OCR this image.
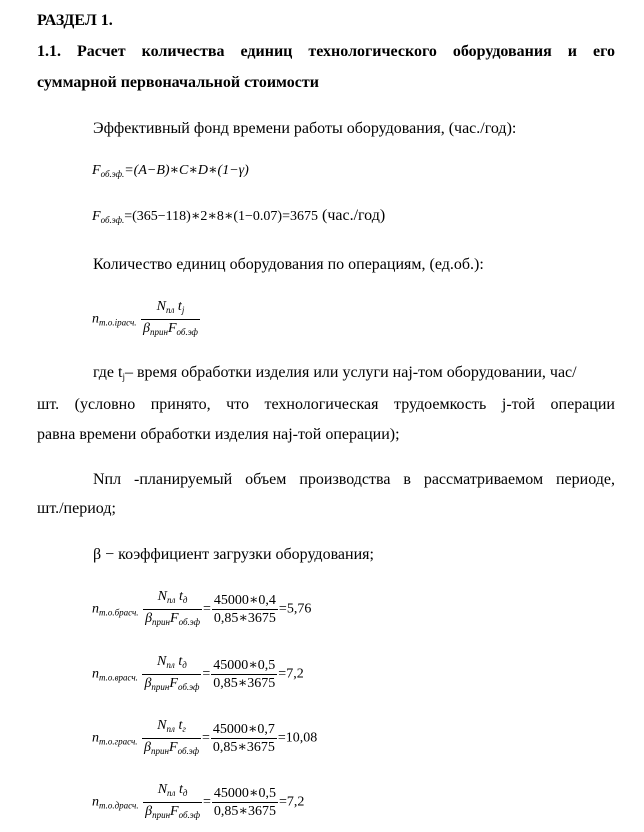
РАЗДЕЛ 1.
1.1. Расчет количества единиц технологического оборудования и его
суммарной первоначальной стоимости
Эффективный фонд времени работы оборудования, (час./год):
$F_{об.эф.}=(A-B)∗C∗D∗(1-\gamma)$
$F_{об.эф.}=(365-118)∗2∗8∗(1-0.07)=3675$ (час./год)
Количество единиц оборудования по операциям, (ед.об.):
$n_{т.о.iрасч.} \frac{N_{пл} t_j}{\beta_{прин}F_{об.эф}}$
где $t_j-$ время обработки изделия или услуги наj-том оборудовании, час/
шт. (условно принято, что технологическая трудоемкость j-той операции
равна времени обработки изделия наj-той операции);
Nпл -планируемый объем производства в рассматриваемом периоде,
шт./период;
β − коэффициент загрузки оборудования;
$n_{т.о.брасч.} \frac{N_{пл} t_д}{\beta_{прин}F_{об.эф}} = \frac{45000∗0,4}{0,85∗3675} =5,76$
$n_{т.о.врасч.} \frac{N_{пл} t_д}{\beta_{прин}F_{об.эф}} = \frac{45000∗0,5}{0,85∗3675} =7,2$
$n_{т.о.грасч.} \frac{N_{пл} t_г}{\beta_{прин}F_{об.эф}} = \frac{45000∗0,7}{0,85∗3675} =10,08$
$n_{т.о.драсч.} \frac{N_{пл} t_д}{\beta_{прин}F_{об.эф}} = \frac{45000∗0,5}{0,85∗3675} =7,2$
